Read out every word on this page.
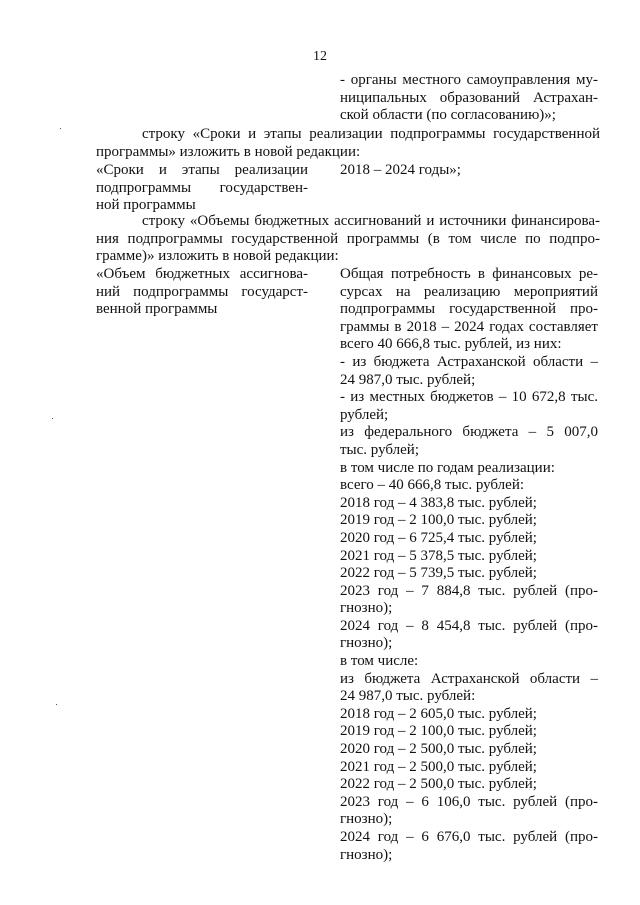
12
- органы местного самоуправления му-
ниципальных образований Астрахан-
ской области (по согласованию)»;
строку «Сроки и этапы реализации подпрограммы государственной
программы» изложить в новой редакции:
«Сроки и этапы реализации
подпрограммы государствен-
ной программы
2018 – 2024 годы»;
строку «Объемы бюджетных ассигнований и источники финансирова-
ния подпрограммы государственной программы (в том числе по подпро-
грамме)» изложить в новой редакции:
«Объем бюджетных ассигнова-
ний подпрограммы государст-
венной программы
Общая потребность в финансовых ре-
сурсах на реализацию мероприятий
подпрограммы государственной про-
граммы в 2018 – 2024 годах составляет
всего 40 666,8 тыс. рублей, из них:
- из бюджета Астраханской области –
24 987,0 тыс. рублей;
- из местных бюджетов – 10 672,8 тыс.
рублей;
из федерального бюджета – 5 007,0
тыс. рублей;
в том числе по годам реализации:
всего – 40 666,8 тыс. рублей:
2018 год – 4 383,8 тыс. рублей;
2019 год – 2 100,0 тыс. рублей;
2020 год – 6 725,4 тыс. рублей;
2021 год – 5 378,5 тыс. рублей;
2022 год – 5 739,5 тыс. рублей;
2023 год – 7 884,8 тыс. рублей (про-
гнозно);
2024 год – 8 454,8 тыс. рублей (про-
гнозно);
в том числе:
из бюджета Астраханской области –
24 987,0 тыс. рублей:
2018 год – 2 605,0 тыс. рублей;
2019 год – 2 100,0 тыс. рублей;
2020 год – 2 500,0 тыс. рублей;
2021 год – 2 500,0 тыс. рублей;
2022 год – 2 500,0 тыс. рублей;
2023 год – 6 106,0 тыс. рублей (про-
гнозно);
2024 год – 6 676,0 тыс. рублей (про-
гнозно);
